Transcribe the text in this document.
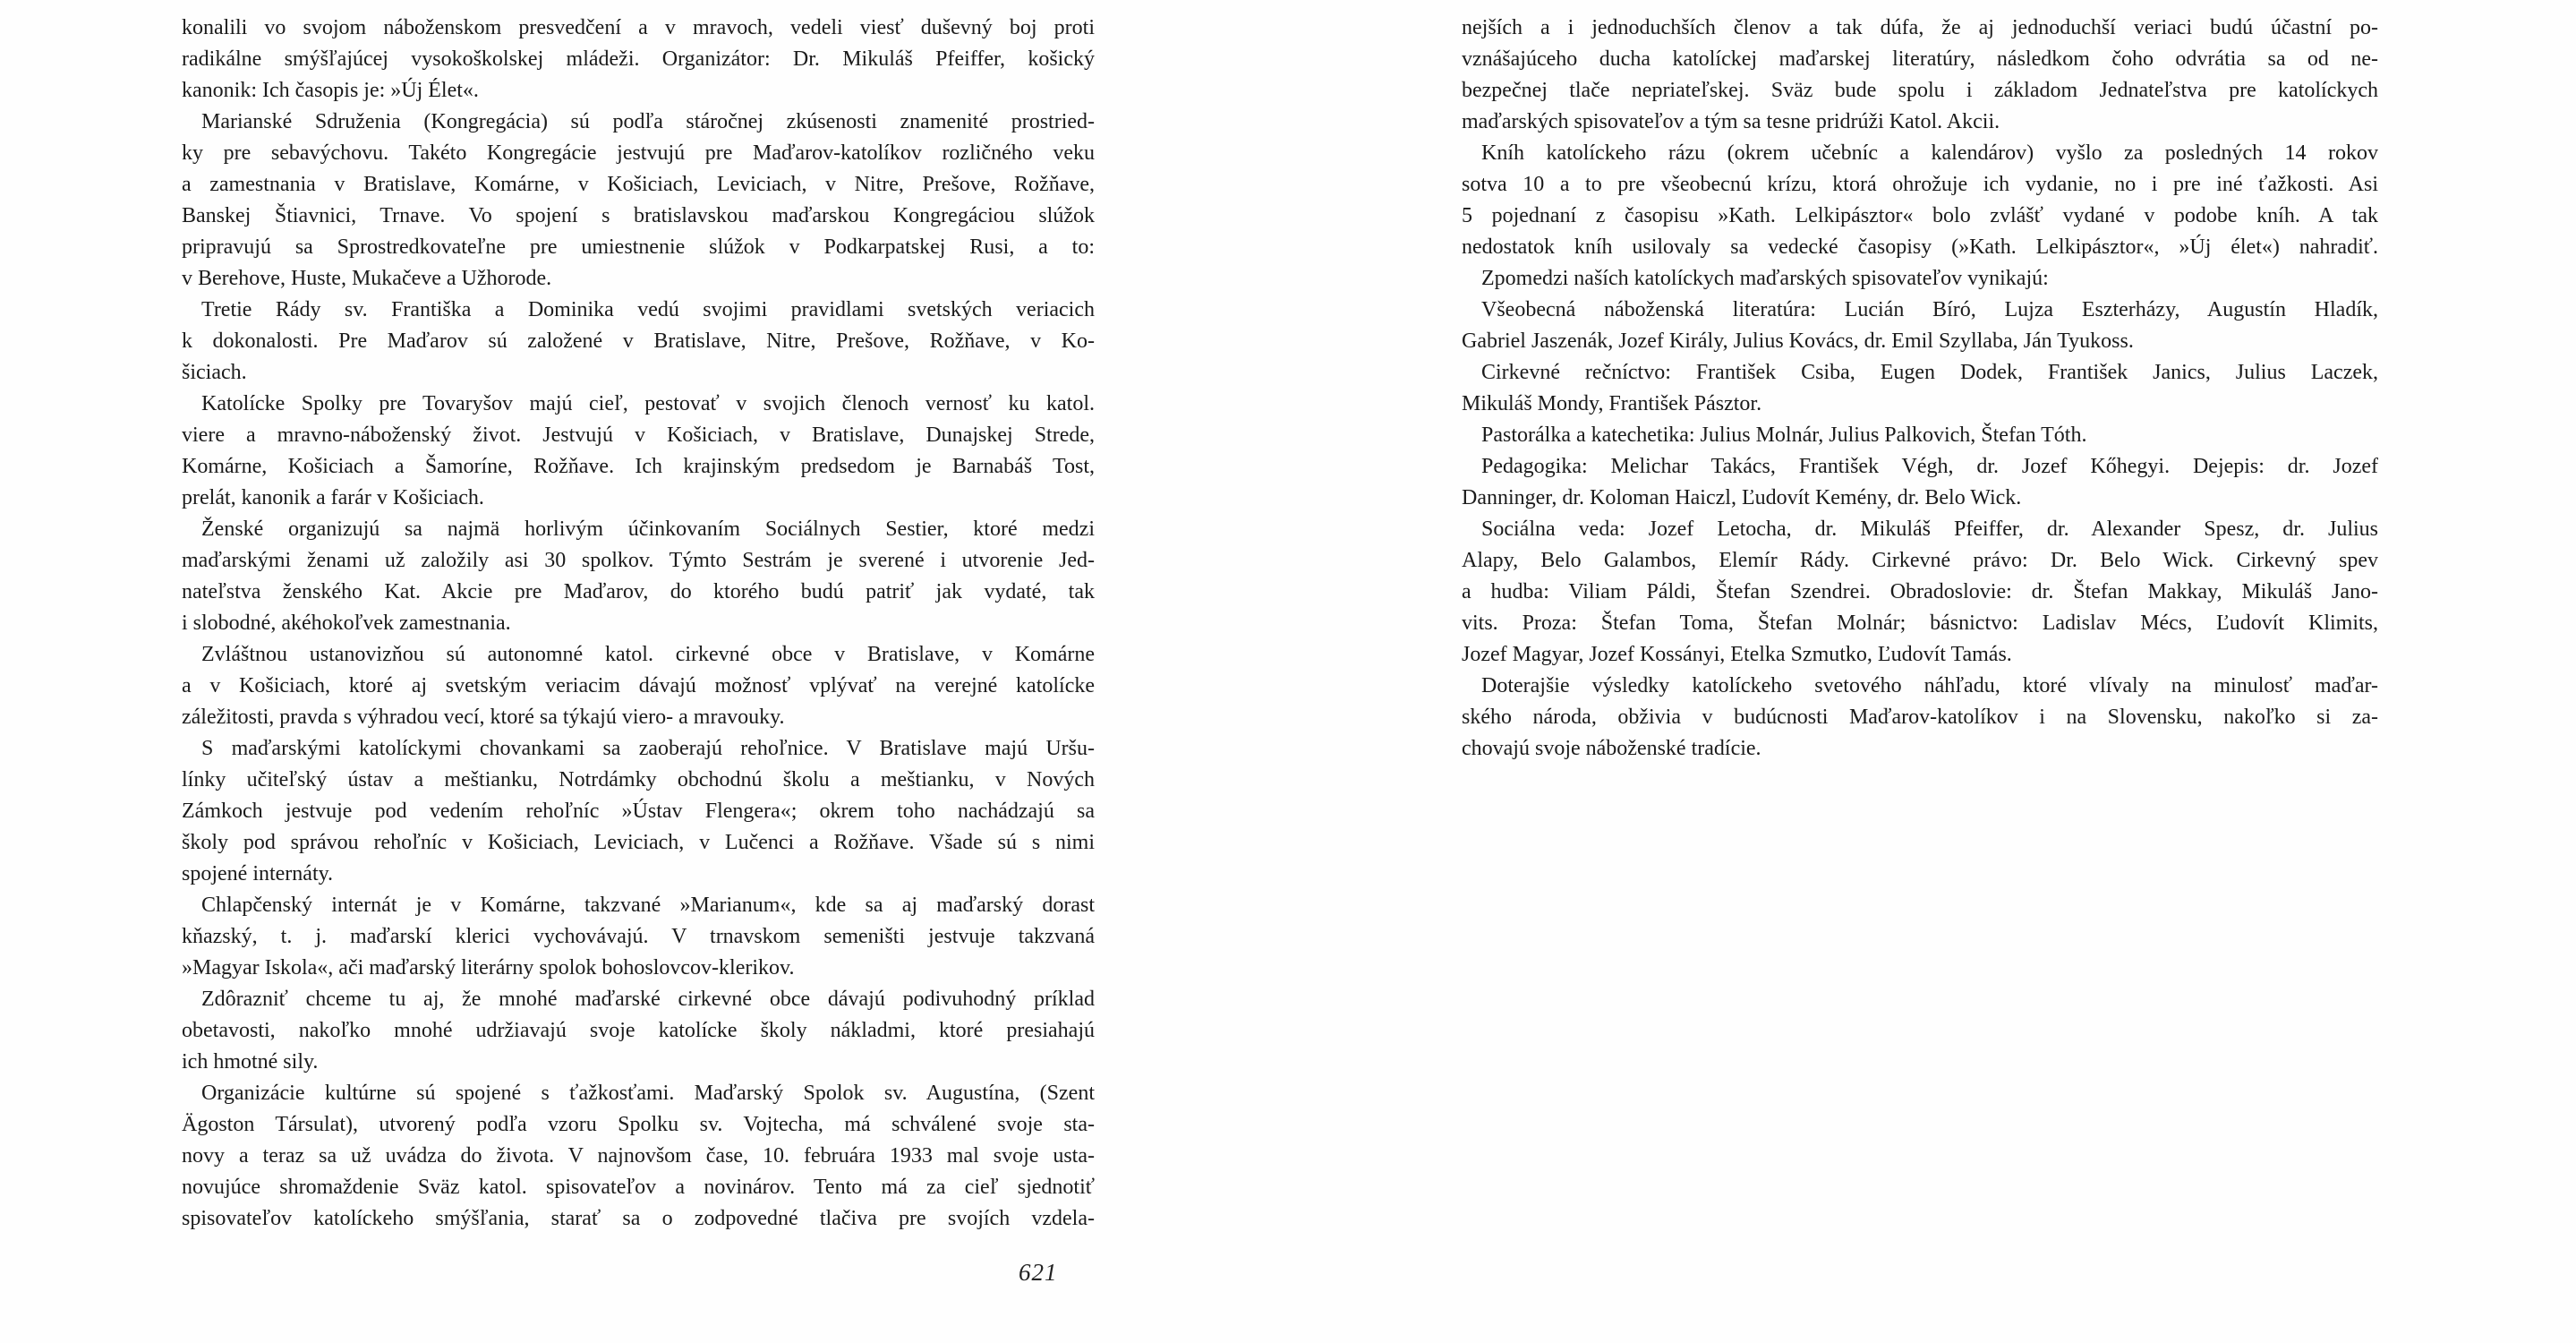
konalili vo svojom náboženskom presvedčení a v mravoch, vedeli viesť duševný boj proti
radikálne smýšľajúcej vysokoškolskej mládeži. Organizátor: Dr. Mikuláš Pfeiffer, košický
kanonik: Ich časopis je: »Új Élet«.
Marianské Sdruženia (Kongregácia) sú podľa stáročnej zkúsenosti znamenité prostried-
ky pre sebavýchovu. Takéto Kongregácie jestvujú pre Maďarov-katolíkov rozličného veku
a zamestnania v Bratislave, Komárne, v Košiciach, Leviciach, v Nitre, Prešove, Rožňave,
Banskej Štiavnici, Trnave. Vo spojení s bratislavskou maďarskou Kongregáciou slúžok
pripravujú sa Sprostredkovateľne pre umiestnenie slúžok v Podkarpatskej Rusi, a to:
v Berehove, Huste, Mukačeve a Užhorode.
Tretie Rády sv. Františka a Dominika vedú svojimi pravidlami svetských veriacich
k dokonalosti. Pre Maďarov sú založené v Bratislave, Nitre, Prešove, Rožňave, v Ko-
šiciach.
Katolícke Spolky pre Tovaryšov majú cieľ, pestovať v svojich členoch vernosť ku katol.
viere a mravno-náboženský život. Jestvujú v Košiciach, v Bratislave, Dunajskej Strede,
Komárne, Košiciach a Šamoríne, Rožňave. Ich krajinským predsedom je Barnabáš Tost,
prelát, kanonik a farár v Košiciach.
Ženské organizujú sa najmä horlivým účinkovaním Sociálnych Sestier, ktoré medzi
maďarskými ženami už založily asi 30 spolkov. Týmto Sestrám je sverené i utvorenie Jed-
nateľstva ženského Kat. Akcie pre Maďarov, do ktorého budú patriť jak vydaté, tak
i slobodné, akéhokoľvek zamestnania.
Zvláštnou ustanovizňou sú autonomné katol. cirkevné obce v Bratislave, v Komárne
a v Košiciach, ktoré aj svetským veriacim dávajú možnosť vplývať na verejné katolícke
záležitosti, pravda s výhradou vecí, ktoré sa týkajú viero- a mravouky.
S maďarskými katolíckymi chovankami sa zaoberajú rehoľnice. V Bratislave majú Uršu-
línky učiteľský ústav a meštianku, Notrdámky obchodnú školu a meštianku, v Nových
Zámkoch jestvuje pod vedením rehoľníc »Ústav Flengera«; okrem toho nachádzajú sa
školy pod správou rehoľníc v Košiciach, Leviciach, v Lučenci a Rožňave. Všade sú s nimi
spojené internáty.
Chlapčenský internát je v Komárne, takzvané »Marianum«, kde sa aj maďarský dorast
kňazský, t. j. maďarskí klerici vychovávajú. V trnavskom semeništi jestvuje takzvaná
»Magyar Iskola«, ači maďarský literárny spolok bohoslovcov-klerikov.
Zdôrazniť chceme tu aj, že mnohé maďarské cirkevné obce dávajú podivuhodný príklad
obetavosti, nakoľko mnohé udržiavajú svoje katolícke školy nákladmi, ktoré presiahajú
ich hmotné sily.
Organizácie kultúrne sú spojené s ťažkosťami. Maďarský Spolok sv. Augustína, (Szent
Ägoston Társulat), utvorený podľa vzoru Spolku sv. Vojtecha, má schválené svoje sta-
novy a teraz sa už uvádza do života. V najnovšom čase, 10. februára 1933 mal svoje usta-
novujúce shromaždenie Sväz katol. spisovateľov a novinárov. Tento má za cieľ sjednotiť
spisovateľov katolíckeho smýšľania, starať sa o zodpovedné tlačiva pre svojích vzdela-
nejších a i jednoduchších členov a tak dúfa, že aj jednoduchší veriaci budú účastní po-
vznášajúceho ducha katolíckej maďarskej literatúry, následkom čoho odvrátia sa od ne-
bezpečnej tlače nepriateľskej. Sväz bude spolu i základom Jednateľstva pre katolíckych
maďarských spisovateľov a tým sa tesne pridrúži Katol. Akcii.
Kníh katolíckeho rázu (okrem učebníc a kalendárov) vyšlo za posledných 14 rokov
sotva 10 a to pre všeobecnú krízu, ktorá ohrožuje ich vydanie, no i pre iné ťažkosti. Asi
5 pojednaní z časopisu »Kath. Lelkipásztor« bolo zvlášť vydané v podobe kníh. A tak
nedostatok kníh usilovaly sa vedecké časopisy (»Kath. Lelkipásztor«, »Új élet«) nahradiť.
Zpomedzi naších katolíckych maďarských spisovateľov vynikajú:
Všeobecná náboženská literatúra: Lucián Bíró, Lujza Eszterházy, Augustín Hladík,
Gabriel Jaszenák, Jozef Király, Julius Kovács, dr. Emil Szyllaba, Ján Tyukoss.
Cirkevné rečníctvo: František Csiba, Eugen Dodek, František Janics, Julius Laczek,
Mikuláš Mondy, František Pásztor.
Pastorálka a katechetika: Julius Molnár, Julius Palkovich, Štefan Tóth.
Pedagogika: Melichar Takács, František Végh, dr. Jozef Kőhegyi. Dejepis: dr. Jozef
Danninger, dr. Koloman Haiczl, Ľudovít Kemény, dr. Belo Wick.
Sociálna veda: Jozef Letocha, dr. Mikuláš Pfeiffer, dr. Alexander Spesz, dr. Julius
Alapy, Belo Galambos, Elemír Rády. Cirkevné právo: Dr. Belo Wick. Cirkevný spev
a hudba: Viliam Páldi, Štefan Szendrei. Obradoslovie: dr. Štefan Makkay, Mikuláš Jano-
vits. Proza: Štefan Toma, Štefan Molnár; básnictvo: Ladislav Mécs, Ľudovít Klimits,
Jozef Magyar, Jozef Kossányi, Etelka Szmutko, Ľudovít Tamás.
Doterajšie výsledky katolíckeho svetového náhľadu, ktoré vlívaly na minulosť maďar-
ského národa, obživia v budúcnosti Maďarov-katolíkov i na Slovensku, nakoľko si za-
chovajú svoje náboženské tradície.
621
